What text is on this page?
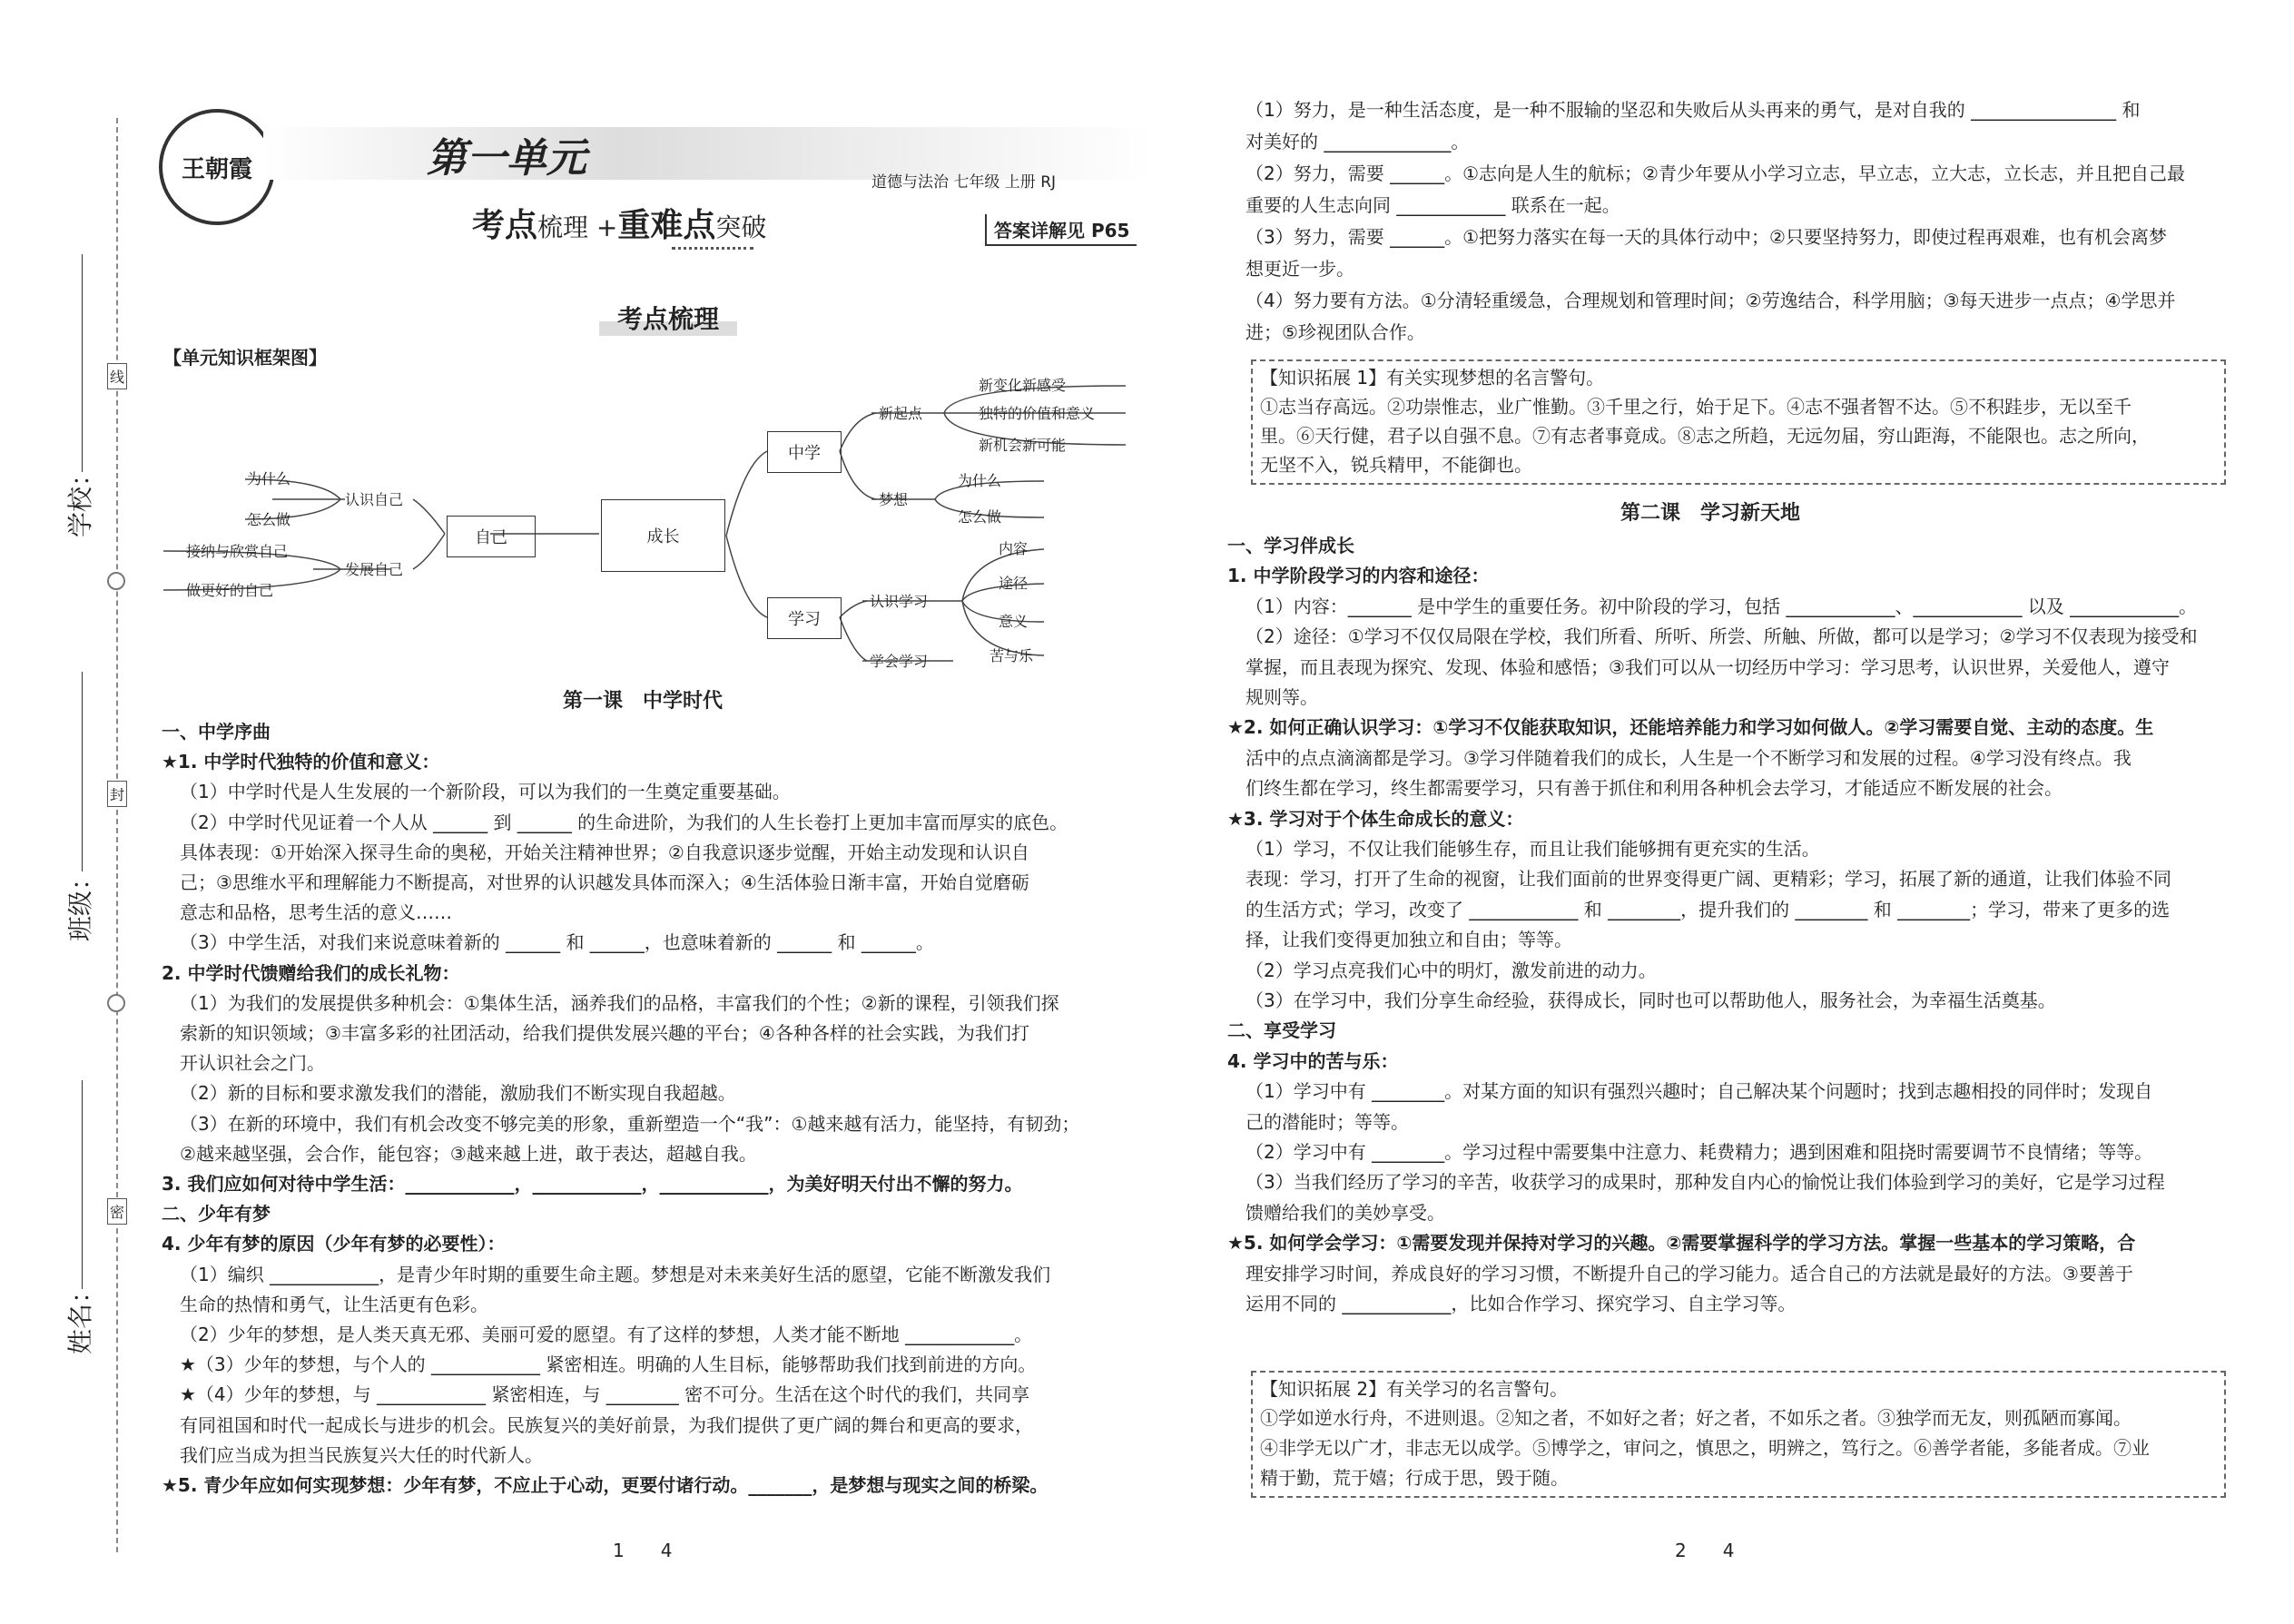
学校：
班级：
姓名：
线
封
密
王朝霞	第一单元
考点梳理 +重难点突破
道德与法治 七年级 上册 RJ
答案详解见 P65
考点梳理
【单元知识框架图】
成长
自己
中学
学习
认识自己
发展自己
为什么
怎么做
接纳与欣赏自己
做更好的自己
新起点
梦想
新变化新感受
独特的价值和意义
新机会新可能
为什么
怎么做
认识学习
学会学习
内容
途径
意义
苦与乐
第一课　中学时代
一、中学序曲
★1. 中学时代独特的价值和意义：
（1）中学时代是人生发展的一个新阶段，可以为我们的一生奠定重要基础。
（2）中学时代见证着一个人从 ______ 到 ______ 的生命进阶，为我们的人生长卷打上更加丰富而厚实的底色。
具体表现：①开始深入探寻生命的奥秘，开始关注精神世界；②自我意识逐步觉醒，开始主动发现和认识自
己；③思维水平和理解能力不断提高，对世界的认识越发具体而深入；④生活体验日渐丰富，开始自觉磨砺
意志和品格，思考生活的意义……
（3）中学生活，对我们来说意味着新的 ______ 和 ______，也意味着新的 ______ 和 ______。
2. 中学时代馈赠给我们的成长礼物：
（1）为我们的发展提供多种机会：①集体生活，涵养我们的品格，丰富我们的个性；②新的课程，引领我们探
索新的知识领域；③丰富多彩的社团活动，给我们提供发展兴趣的平台；④各种各样的社会实践，为我们打
开认识社会之门。
（2）新的目标和要求激发我们的潜能，激励我们不断实现自我超越。
（3）在新的环境中，我们有机会改变不够完美的形象，重新塑造一个“我”：①越来越有活力，能坚持，有韧劲；
②越来越坚强，会合作，能包容；③越来越上进，敢于表达，超越自我。
3. 我们应如何对待中学生活：____________，____________，____________，为美好明天付出不懈的努力。
二、少年有梦
4. 少年有梦的原因（少年有梦的必要性）：
（1）编织 ____________，是青少年时期的重要生命主题。梦想是对未来美好生活的愿望，它能不断激发我们
生命的热情和勇气，让生活更有色彩。
（2）少年的梦想，是人类天真无邪、美丽可爱的愿望。有了这样的梦想，人类才能不断地 ____________。
★（3）少年的梦想，与个人的 ____________ 紧密相连。明确的人生目标，能够帮助我们找到前进的方向。
★（4）少年的梦想，与 ____________ 紧密相连，与 ________ 密不可分。生活在这个时代的我们，共同享
有同祖国和时代一起成长与进步的机会。民族复兴的美好前景，为我们提供了更广阔的舞台和更高的要求，
我们应当成为担当民族复兴大任的时代新人。
★5. 青少年应如何实现梦想：少年有梦，不应止于心动，更要付诸行动。_______，是梦想与现实之间的桥梁。
1　　4
（1）努力，是一种生活态度，是一种不服输的坚忍和失败后从头再来的勇气，是对自我的 ________________ 和
对美好的 ______________。
（2）努力，需要 ______。①志向是人生的航标；②青少年要从小学习立志，早立志，立大志，立长志，并且把自己最
重要的人生志向同 ____________ 联系在一起。
（3）努力，需要 ______。①把努力落实在每一天的具体行动中；②只要坚持努力，即使过程再艰难，也有机会离梦
想更近一步。
（4）努力要有方法。①分清轻重缓急，合理规划和管理时间；②劳逸结合，科学用脑；③每天进步一点点；④学思并
进；⑤珍视团队合作。
【知识拓展 1】有关实现梦想的名言警句。
①志当存高远。②功崇惟志，业广惟勤。③千里之行，始于足下。④志不强者智不达。⑤不积跬步，无以至千
里。⑥天行健，君子以自强不息。⑦有志者事竟成。⑧志之所趋，无远勿届，穷山距海，不能限也。志之所向，
无坚不入，锐兵精甲，不能御也。
第二课　学习新天地
一、学习伴成长
1. 中学阶段学习的内容和途径：
（1）内容：_______ 是中学生的重要任务。初中阶段的学习，包括 ____________、____________ 以及 ____________。
（2）途径：①学习不仅仅局限在学校，我们所看、所听、所尝、所触、所做，都可以是学习；②学习不仅表现为接受和
掌握，而且表现为探究、发现、体验和感悟；③我们可以从一切经历中学习：学习思考，认识世界，关爱他人，遵守
规则等。
★2. 如何正确认识学习：①学习不仅能获取知识，还能培养能力和学习如何做人。②学习需要自觉、主动的态度。生
活中的点点滴滴都是学习。③学习伴随着我们的成长，人生是一个不断学习和发展的过程。④学习没有终点。我
们终生都在学习，终生都需要学习，只有善于抓住和利用各种机会去学习，才能适应不断发展的社会。
★3. 学习对于个体生命成长的意义：
（1）学习，不仅让我们能够生存，而且让我们能够拥有更充实的生活。
表现：学习，打开了生命的视窗，让我们面前的世界变得更广阔、更精彩；学习，拓展了新的通道，让我们体验不同
的生活方式；学习，改变了 ____________ 和 ________，提升我们的 ________ 和 ________；学习，带来了更多的选
择，让我们变得更加独立和自由；等等。
（2）学习点亮我们心中的明灯，激发前进的动力。
（3）在学习中，我们分享生命经验，获得成长，同时也可以帮助他人，服务社会，为幸福生活奠基。
二、享受学习
4. 学习中的苦与乐：
（1）学习中有 ________。对某方面的知识有强烈兴趣时；自己解决某个问题时；找到志趣相投的同伴时；发现自
己的潜能时；等等。
（2）学习中有 ________。学习过程中需要集中注意力、耗费精力；遇到困难和阻挠时需要调节不良情绪；等等。
（3）当我们经历了学习的辛苦，收获学习的成果时，那种发自内心的愉悦让我们体验到学习的美好，它是学习过程
馈赠给我们的美妙享受。
★5. 如何学会学习：①需要发现并保持对学习的兴趣。②需要掌握科学的学习方法。掌握一些基本的学习策略，合
理安排学习时间，养成良好的学习习惯，不断提升自己的学习能力。适合自己的方法就是最好的方法。③要善于
运用不同的 ____________，比如合作学习、探究学习、自主学习等。
【知识拓展 2】有关学习的名言警句。
①学如逆水行舟，不进则退。②知之者，不如好之者；好之者，不如乐之者。③独学而无友，则孤陋而寡闻。
④非学无以广才，非志无以成学。⑤博学之，审问之，慎思之，明辨之，笃行之。⑥善学者能，多能者成。⑦业
精于勤，荒于嬉；行成于思，毁于随。
2　　4
